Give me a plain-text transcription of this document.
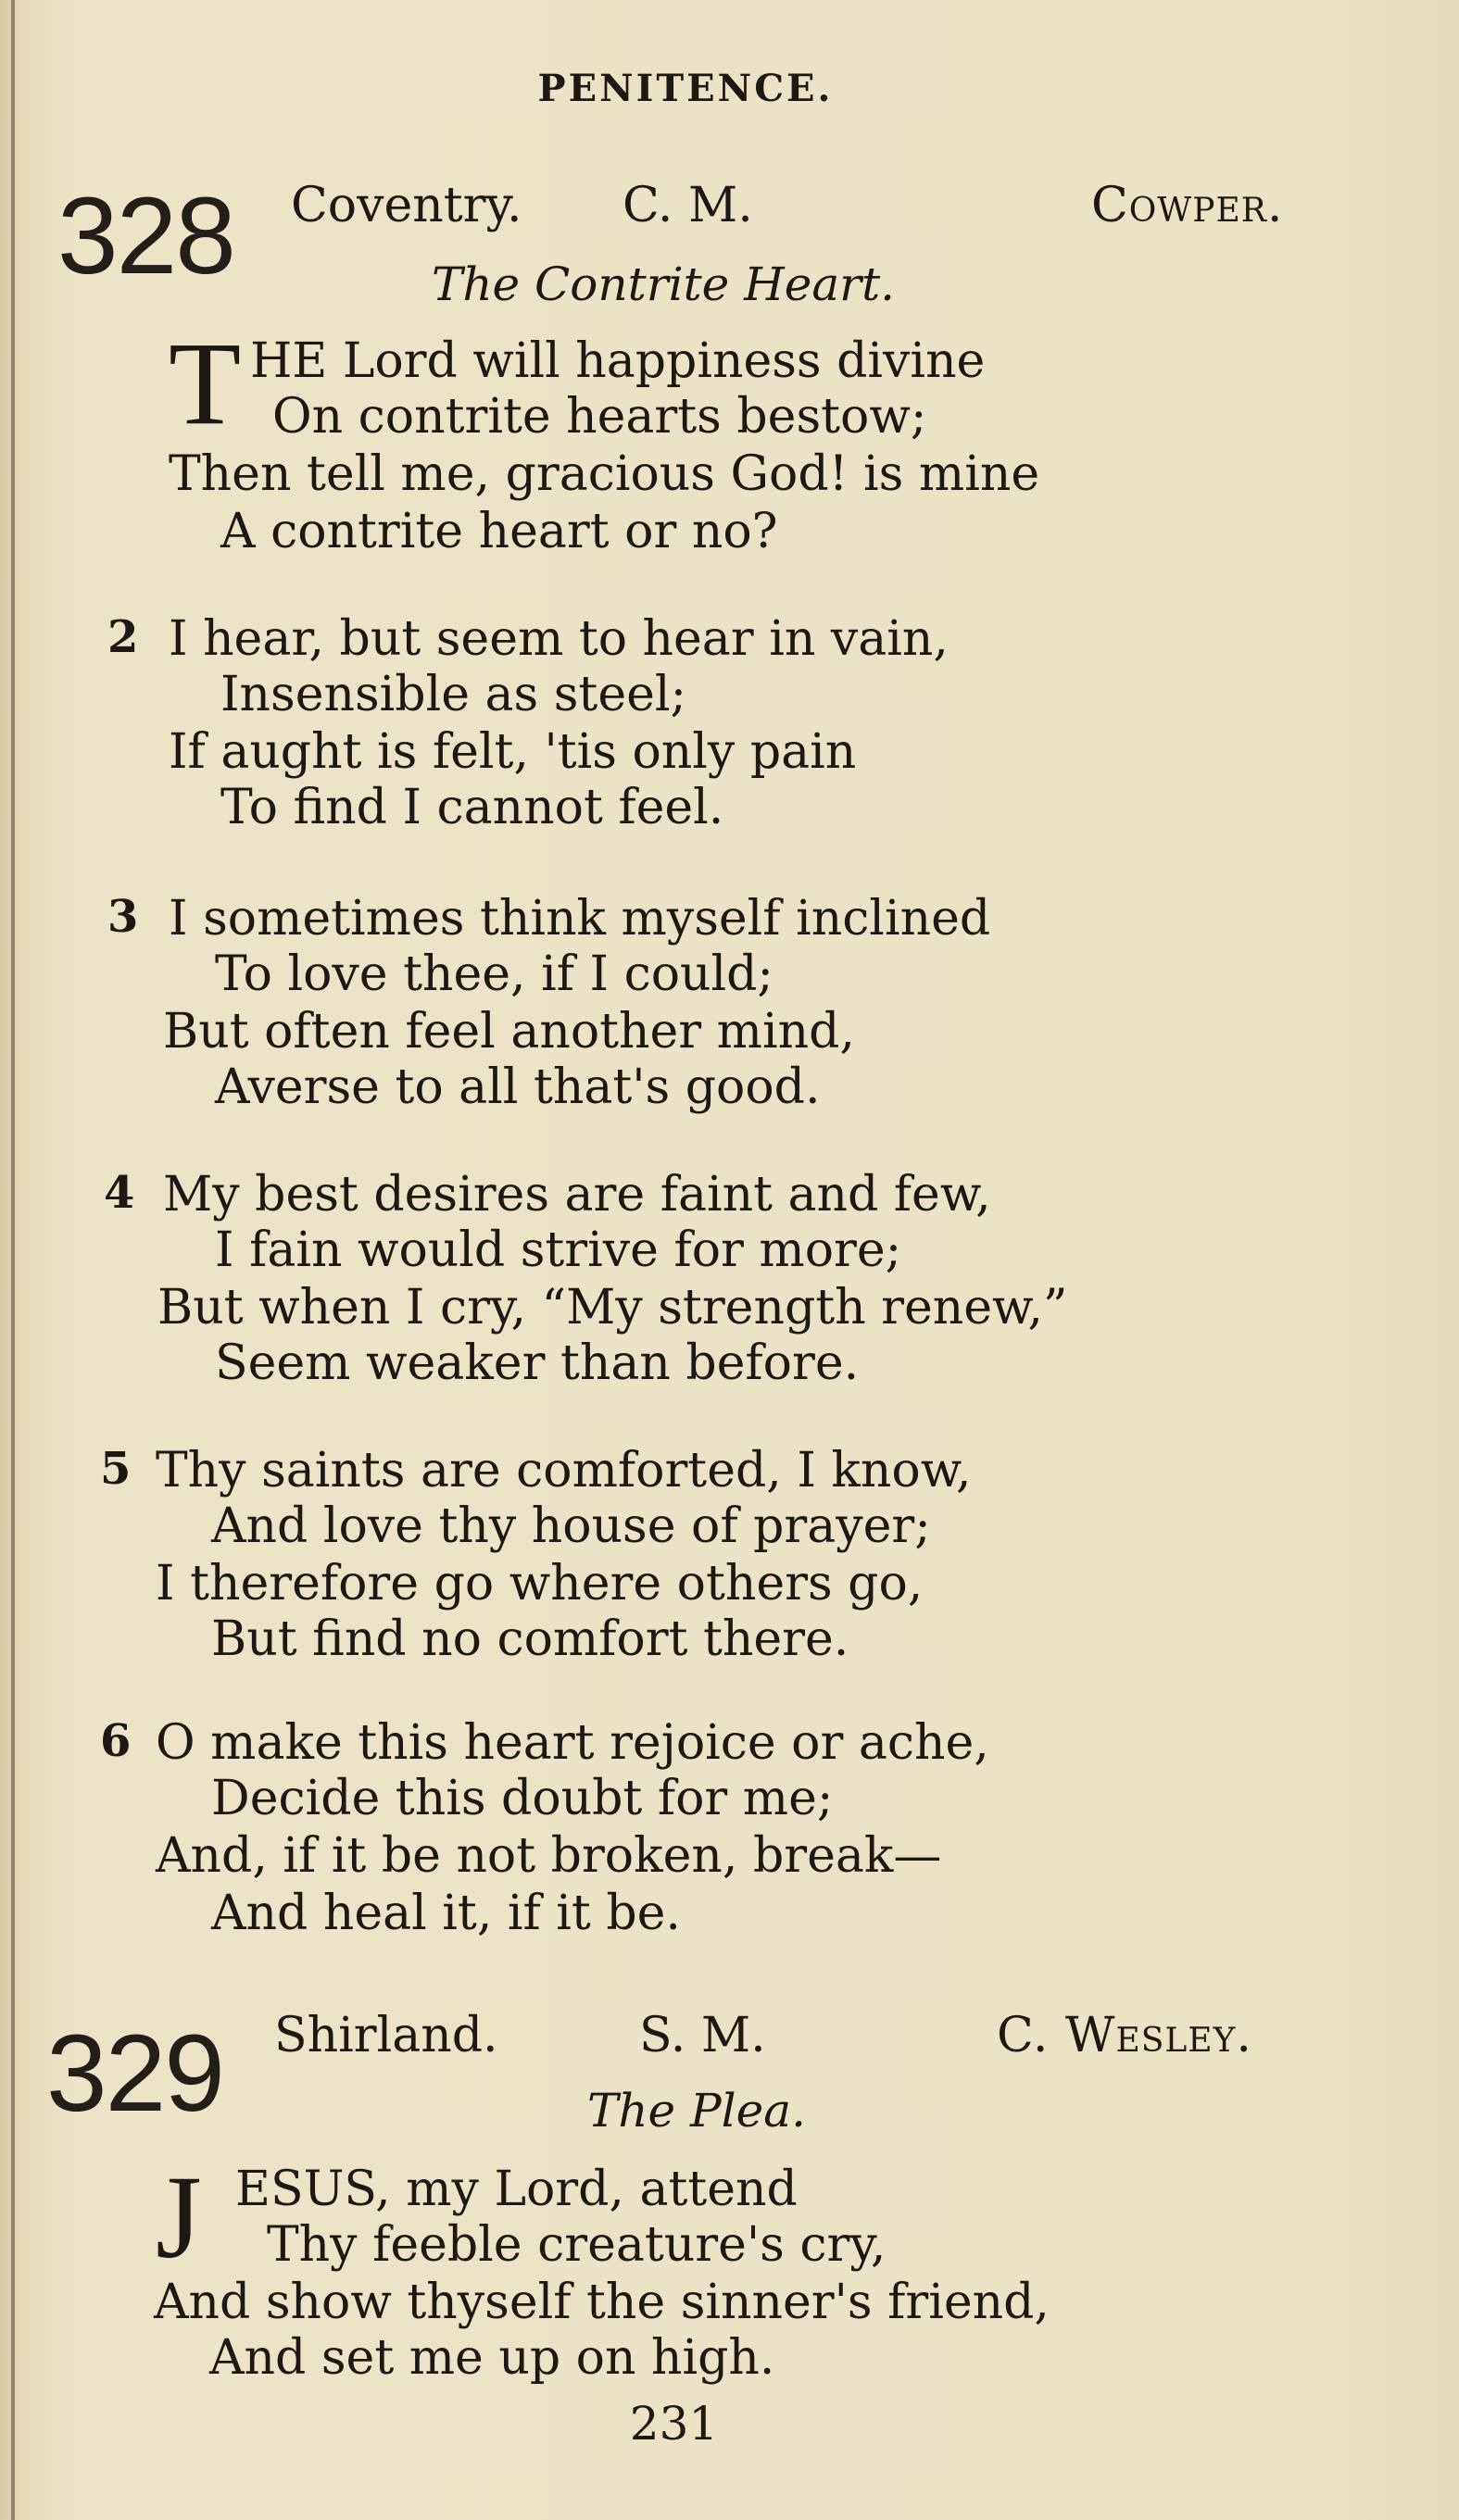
PENITENCE.
328 Coventry. C. M.	Cowper.
The Contrite Heart.
T HE Lord will happiness divine
On contrite hearts bestow;
Then tell me, gracious God! is mine
A contrite heart or no?
2 I hear, but seem to hear in vain,
Insensible as steel;
If aught is felt, 'tis only pain
To find I cannot feel.
3 I sometimes think myself inclined
To love thee, if I could;
But often feel another mind,
Averse to all that's good.
4 My best desires are faint and few,
I fain would strive for more;
But when I cry, “My strength renew,”
Seem weaker than before.
5 Thy saints are comforted, I know,
And love thy house of prayer;
I therefore go where others go,
But find no comfort there.
6 O make this heart rejoice or ache,
Decide this doubt for me;
And, if it be not broken, break—
And heal it, if it be.
329 Shirland.	S. M.	C. Wesley.
The Plea.
J ESUS, my Lord, attend
Thy feeble creature's cry,
And show thyself the sinner's friend,
And set me up on high.
231
